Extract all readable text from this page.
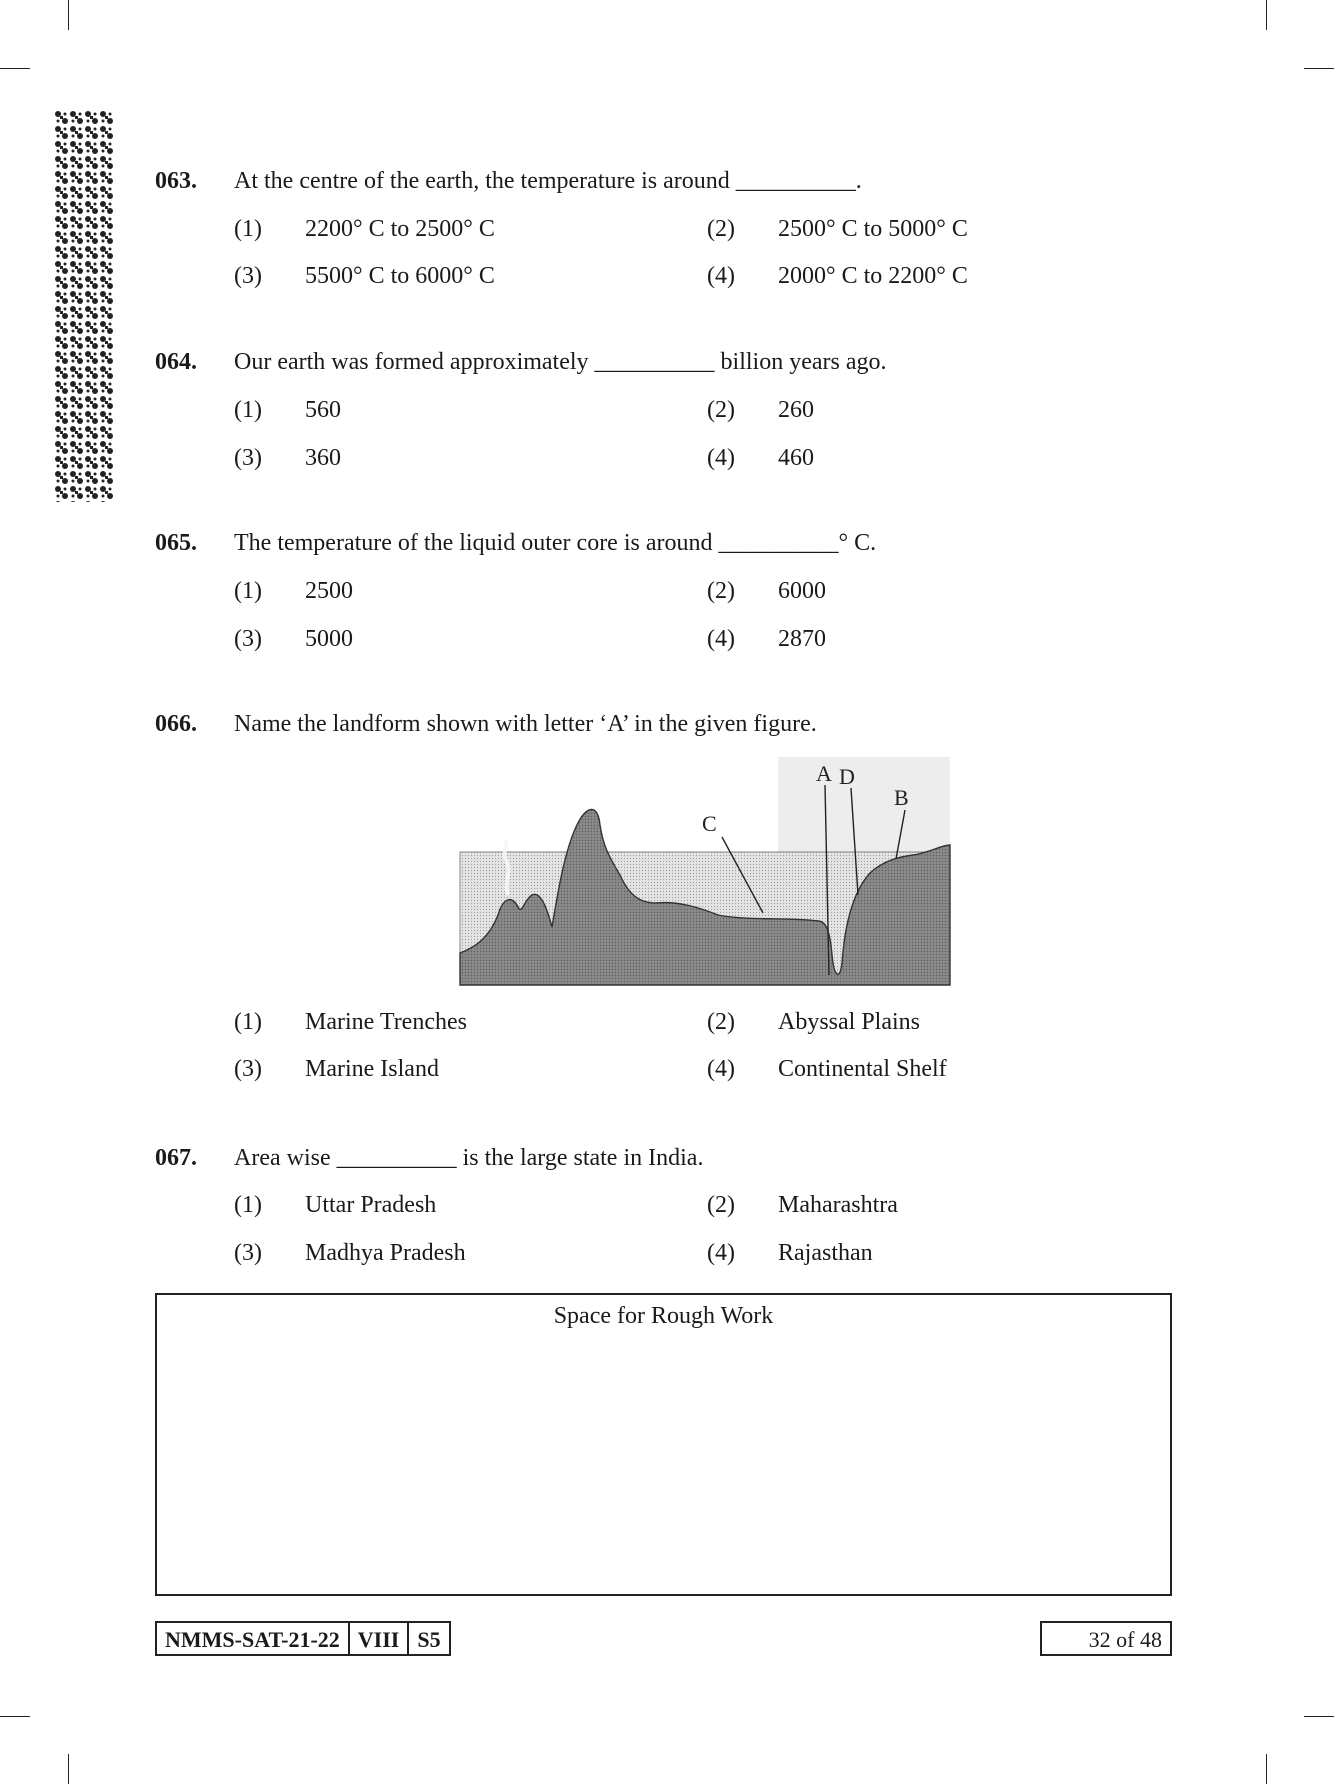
063. At the centre of the earth, the temperature is around __________.
(1) 2200° C to 2500° C	(2) 2500° C to 5000° C
(3) 5500° C to 6000° C	(4) 2000° C to 2200° C
064. Our earth was formed approximately __________ billion years ago.
(1) 560	(2) 260
(3) 360	(4) 460
065. The temperature of the liquid outer core is around __________° C.
(1) 2500	(2) 6000
(3) 5000	(4) 2870
066. Name the landform shown with letter ‘A’ in the given figure.
(1) Marine Trenches	(2) Abyssal Plains
(3) Marine Island	(4) Continental Shelf
A D
B
C
067. Area wise __________ is the large state in India.
(1) Uttar Pradesh	(2) Maharashtra
(3) Madhya Pradesh	(4) Rajasthan
Space for Rough Work
NMMS-SAT-21-22 VIII S5	32 of 48
